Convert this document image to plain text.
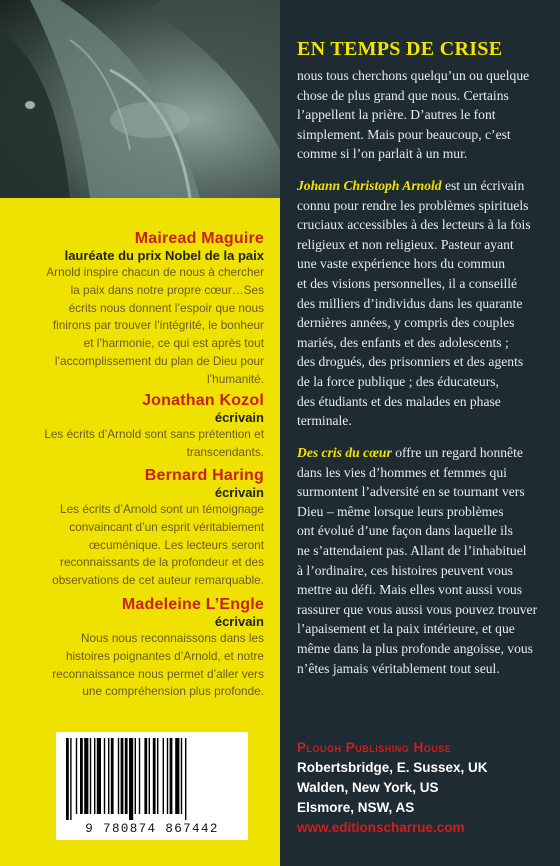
Mairead Maguire
lauréate du prix Nobel de la paix
Arnold inspire chacun de nous à chercher
la paix dans notre propre cœur…Ses
écrits nous donnent l’espoir que nous
finirons par trouver l’intégrité, le bonheur
et l’harmonie, ce qui est après tout
l’accomplissement du plan de Dieu pour
l’humanité.
Jonathan Kozol
écrivain
Les écrits d’Arnold sont sans prétention et
transcendants.
Bernard Haring
écrivain
Les écrits d’Arnold sont un témoignage
convaincant d’un esprit véritablement
œcuménique. Les lecteurs seront
reconnaissants de la profondeur et des
observations de cet auteur remarquable.
Madeleine L’Engle
écrivain
Nous nous reconnaissons dans les
histoires poignantes d’Arnold, et notre
reconnaissance nous permet d’aller vers
une compréhension plus profonde.
9 780874 867442
EN TEMPS DE CRISE
nous tous cherchons quelqu’un ou quelque
chose de plus grand que nous. Certains
l’appellent la prière. D’autres le font
simplement. Mais pour beaucoup, c’est
comme si l’on parlait à un mur.
Johann Christoph Arnold est un écrivain
connu pour rendre les problèmes spirituels
cruciaux accessibles à des lecteurs à la fois
religieux et non religieux. Pasteur ayant
une vaste expérience hors du commun
et des visions personnelles, il a conseillé
des milliers d’individus dans les quarante
dernières années, y compris des couples
mariés, des enfants et des adolescents ;
des drogués, des prisonniers et des agents
de la force publique ; des éducateurs,
des étudiants et des malades en phase
terminale.
Des cris du cœur offre un regard honnête
dans les vies d’hommes et femmes qui
surmontent l’adversité en se tournant vers
Dieu – même lorsque leurs problèmes
ont évolué d’une façon dans laquelle ils
ne s’attendaient pas. Allant de l’inhabituel
à l’ordinaire, ces histoires peuvent vous
mettre au défi. Mais elles vont aussi vous
rassurer que vous aussi vous pouvez trouver
l’apaisement et la paix intérieure, et que
même dans la plus profonde angoisse, vous
n’êtes jamais véritablement tout seul.
Plough Publishing House
Robertsbridge, E. Sussex, UK
Walden, New York, US
Elsmore, NSW, AS
www.editionscharrue.com
